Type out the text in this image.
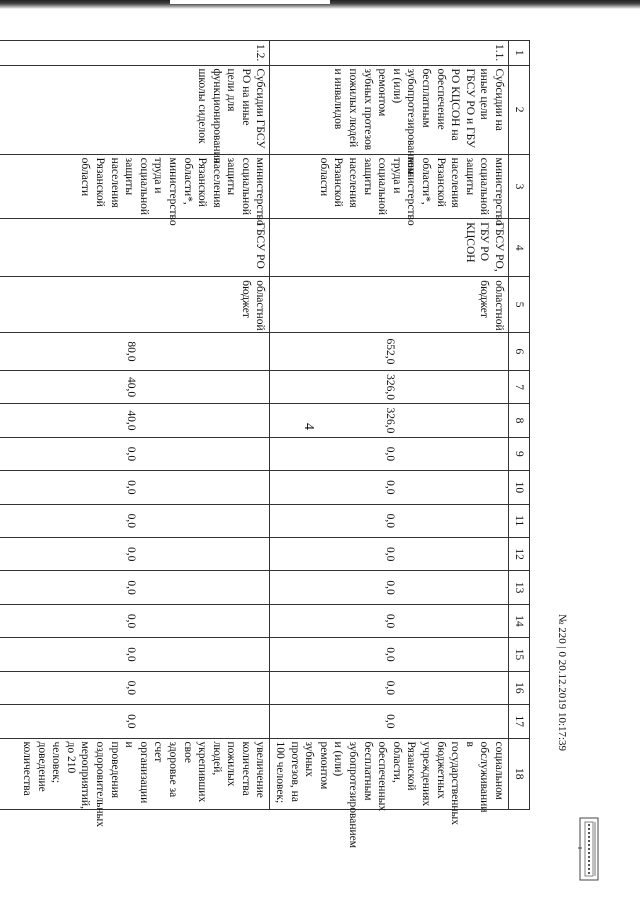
4
1	2	3	4	5	6	7	8	9	10	11	12	13	14	15	16	17	18
1.1.	Субсидии на иные цели ГБСУ РО и ГБУ РО КЦСОН на обеспечение бесплатным зубопротезированием и (или) ремонтом зубных протезов пожилых людей и инвалидов	министерство социальной защиты населения Рязанской области*, министерство труда и социальной защиты населения Рязанской области	ГБСУ РО, ГБУ РО КЦСОН	областной бюджет	652,0	326,0	326,0	0,0	0,0	0,0	0,0	0,0	0,0	0,0	0,0	0,0	социальном обслуживании в государственных бюджетных учреждениях Рязанской области, обеспеченных бесплатным зубопротезированием и (или) ремонтом зубных протезов, на 100 человек;
1.2.	Субсидии ГБСУ РО на иные цели для функционирования школы сиделок	министерство социальной защиты населения Рязанской области*, министерство труда и социальной защиты населения Рязанской области	ГБСУ РО	областной бюджет	80,0	40,0	40,0	0,0	0,0	0,0	0,0	0,0	0,0	0,0	0,0	0,0	увеличение количества пожилых людей, укрепивших свое здоровье за счет организации и проведения оздоровительных мероприятий, до 210 человек; доведение количества
№ 220 | 0 20.12.2019 10:17:39
